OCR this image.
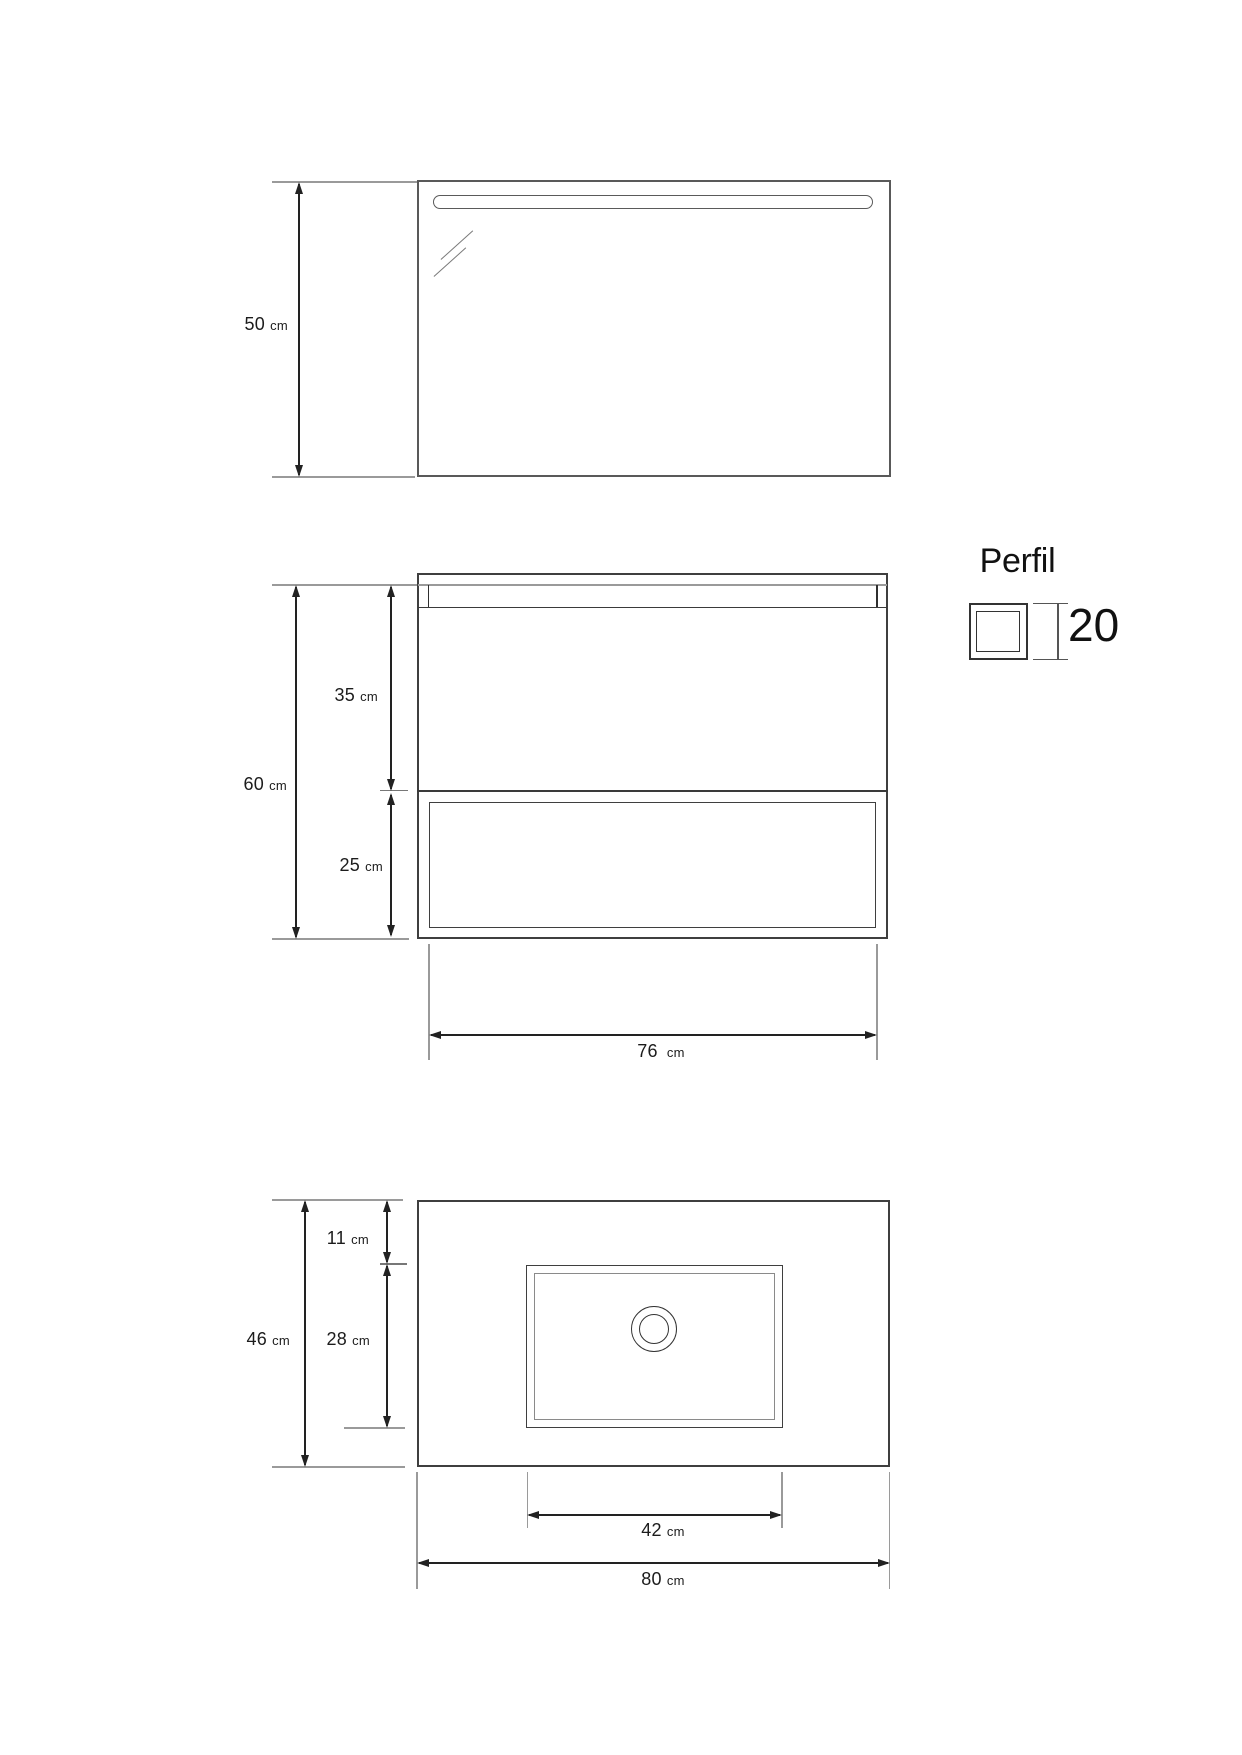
50 cm
60 cm
35 cm
25 cm
76 cm
Perfil
20
46 cm
11 cm
28 cm
42 cm
80 cm
